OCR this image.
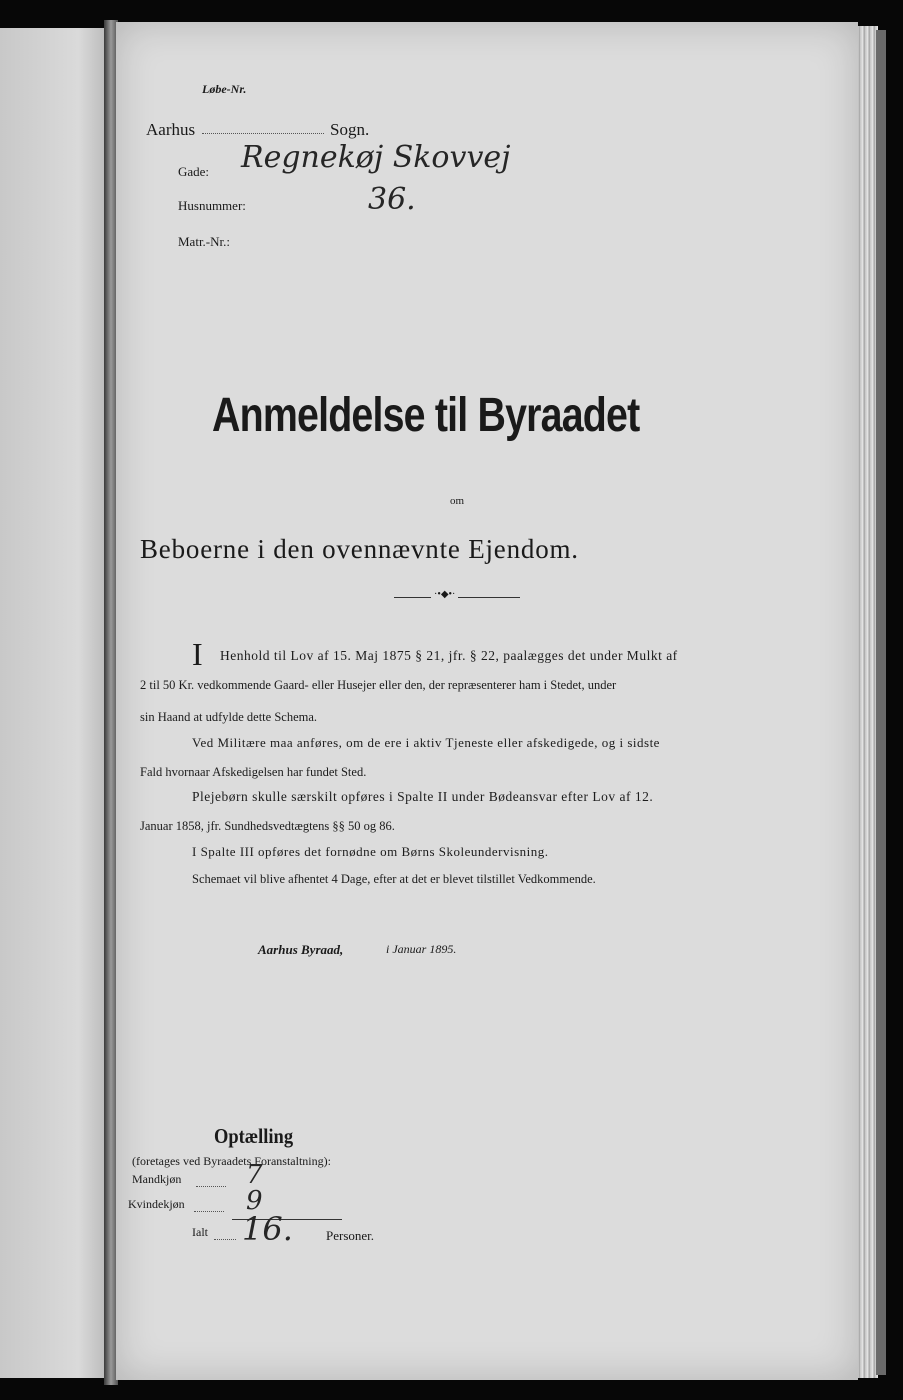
Løbe-Nr.
Aarhus	Sogn.
Gade: Regnekøj Skovvej
Husnummer:	36.
Matr.-Nr.:
Anmeldelse til Byraadet
om
Beboerne i den ovennævnte Ejendom.
·•◆•·
I Henhold til Lov af 15. Maj 1875 § 21, jfr. § 22, paalægges det under Mulkt af
2 til 50 Kr. vedkommende Gaard- eller Husejer eller den, der repræsenterer ham i Stedet, under
sin Haand at udfylde dette Schema.
Ved Militære maa anføres, om de ere i aktiv Tjeneste eller afskedigede, og i sidste
Fald hvornaar Afskedigelsen har fundet Sted.
Plejebørn skulle særskilt opføres i Spalte II under Bødeansvar efter Lov af 12.
Januar 1858, jfr. Sundhedsvedtægtens §§ 50 og 86.
I Spalte III opføres det fornødne om Børns Skoleundervisning.
Schemaet vil blive afhentet 4 Dage, efter at det er blevet tilstillet Vedkommende.
Aarhus Byraad,	i Januar 1895.
Optælling
(foretages ved Byraadets Foranstaltning):
Mandkjøn 7
Kvindekjøn 9
Ialt 16.	Personer.
